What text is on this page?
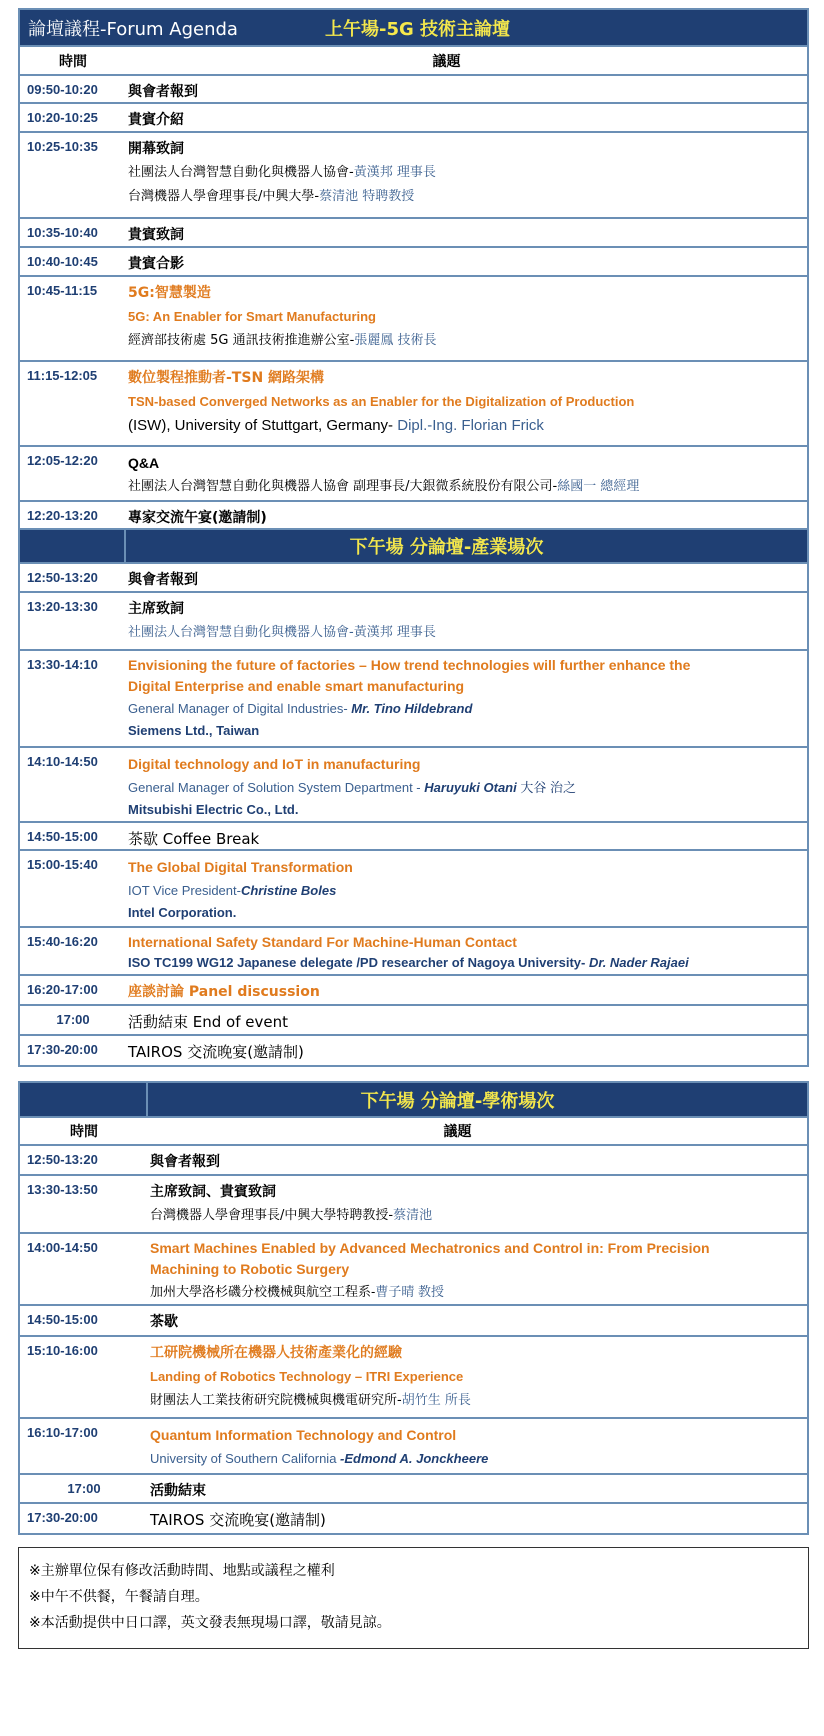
論壇議程-Forum Agenda	上午場-5G 技術主論壇
時間	議題
09:50-10:20	與會者報到
10:20-10:25	貴賓介紹
10:25-10:35	開幕致詞
社團法人台灣智慧自動化與機器人協會-黃漢邦 理事長
台灣機器人學會理事長/中興大學-蔡清池 特聘教授
10:35-10:40	貴賓致詞
10:40-10:45	貴賓合影
10:45-11:15	5G:智慧製造
5G: An Enabler for Smart Manufacturing
經濟部技術處 5G 通訊技術推進辦公室-張麗鳳 技術長
11:15-12:05	數位製程推動者-TSN 網路架構
TSN-based Converged Networks as an Enabler for the Digitalization of Production
(ISW), University of Stuttgart, Germany- Dipl.-Ing. Florian Frick
12:05-12:20	Q&A
社團法人台灣智慧自動化與機器人協會 副理事長/大銀微系統股份有限公司-絲國一 總經理
12:20-13:20	專家交流午宴(邀請制)
下午場 分論壇-產業場次
12:50-13:20	與會者報到
13:20-13:30	主席致詞
社團法人台灣智慧自動化與機器人協會-黃漢邦 理事長
13:30-14:10	Envisioning the future of factories – How trend technologies will further enhance the
Digital Enterprise and enable smart manufacturing
General Manager of Digital Industries- Mr. Tino Hildebrand
Siemens Ltd., Taiwan
14:10-14:50	Digital technology and IoT in manufacturing
General Manager of Solution System Department - Haruyuki Otani 大谷 治之
Mitsubishi Electric Co., Ltd.
14:50-15:00	茶歇 Coffee Break
15:00-15:40	The Global Digital Transformation
IOT Vice President-Christine Boles
Intel Corporation.
15:40-16:20	International Safety Standard For Machine-Human Contact
ISO TC199 WG12 Japanese delegate /PD researcher of Nagoya University- Dr. Nader Rajaei
16:20-17:00	座談討論 Panel discussion
17:00	活動結束 End of event
17:30-20:00	TAIROS 交流晚宴(邀請制)
下午場 分論壇-學術場次
時間	議題
12:50-13:20	與會者報到
13:30-13:50	主席致詞、貴賓致詞
台灣機器人學會理事長/中興大學特聘教授-蔡清池
14:00-14:50	Smart Machines Enabled by Advanced Mechatronics and Control in: From Precision
Machining to Robotic Surgery
加州大學洛杉磯分校機械與航空工程系-曹子晴 教授
14:50-15:00	茶歇
15:10-16:00	工研院機械所在機器人技術產業化的經驗
Landing of Robotics Technology – ITRI Experience
財團法人工業技術研究院機械與機電研究所-胡竹生 所長
16:10-17:00	Quantum Information Technology and Control
University of Southern California -Edmond A. Jonckheere
17:00	活動結束
17:30-20:00	TAIROS 交流晚宴(邀請制)
※主辦單位保有修改活動時間、地點或議程之權利
※中午不供餐，午餐請自理。
※本活動提供中日口譯，英文發表無現場口譯，敬請見諒。
